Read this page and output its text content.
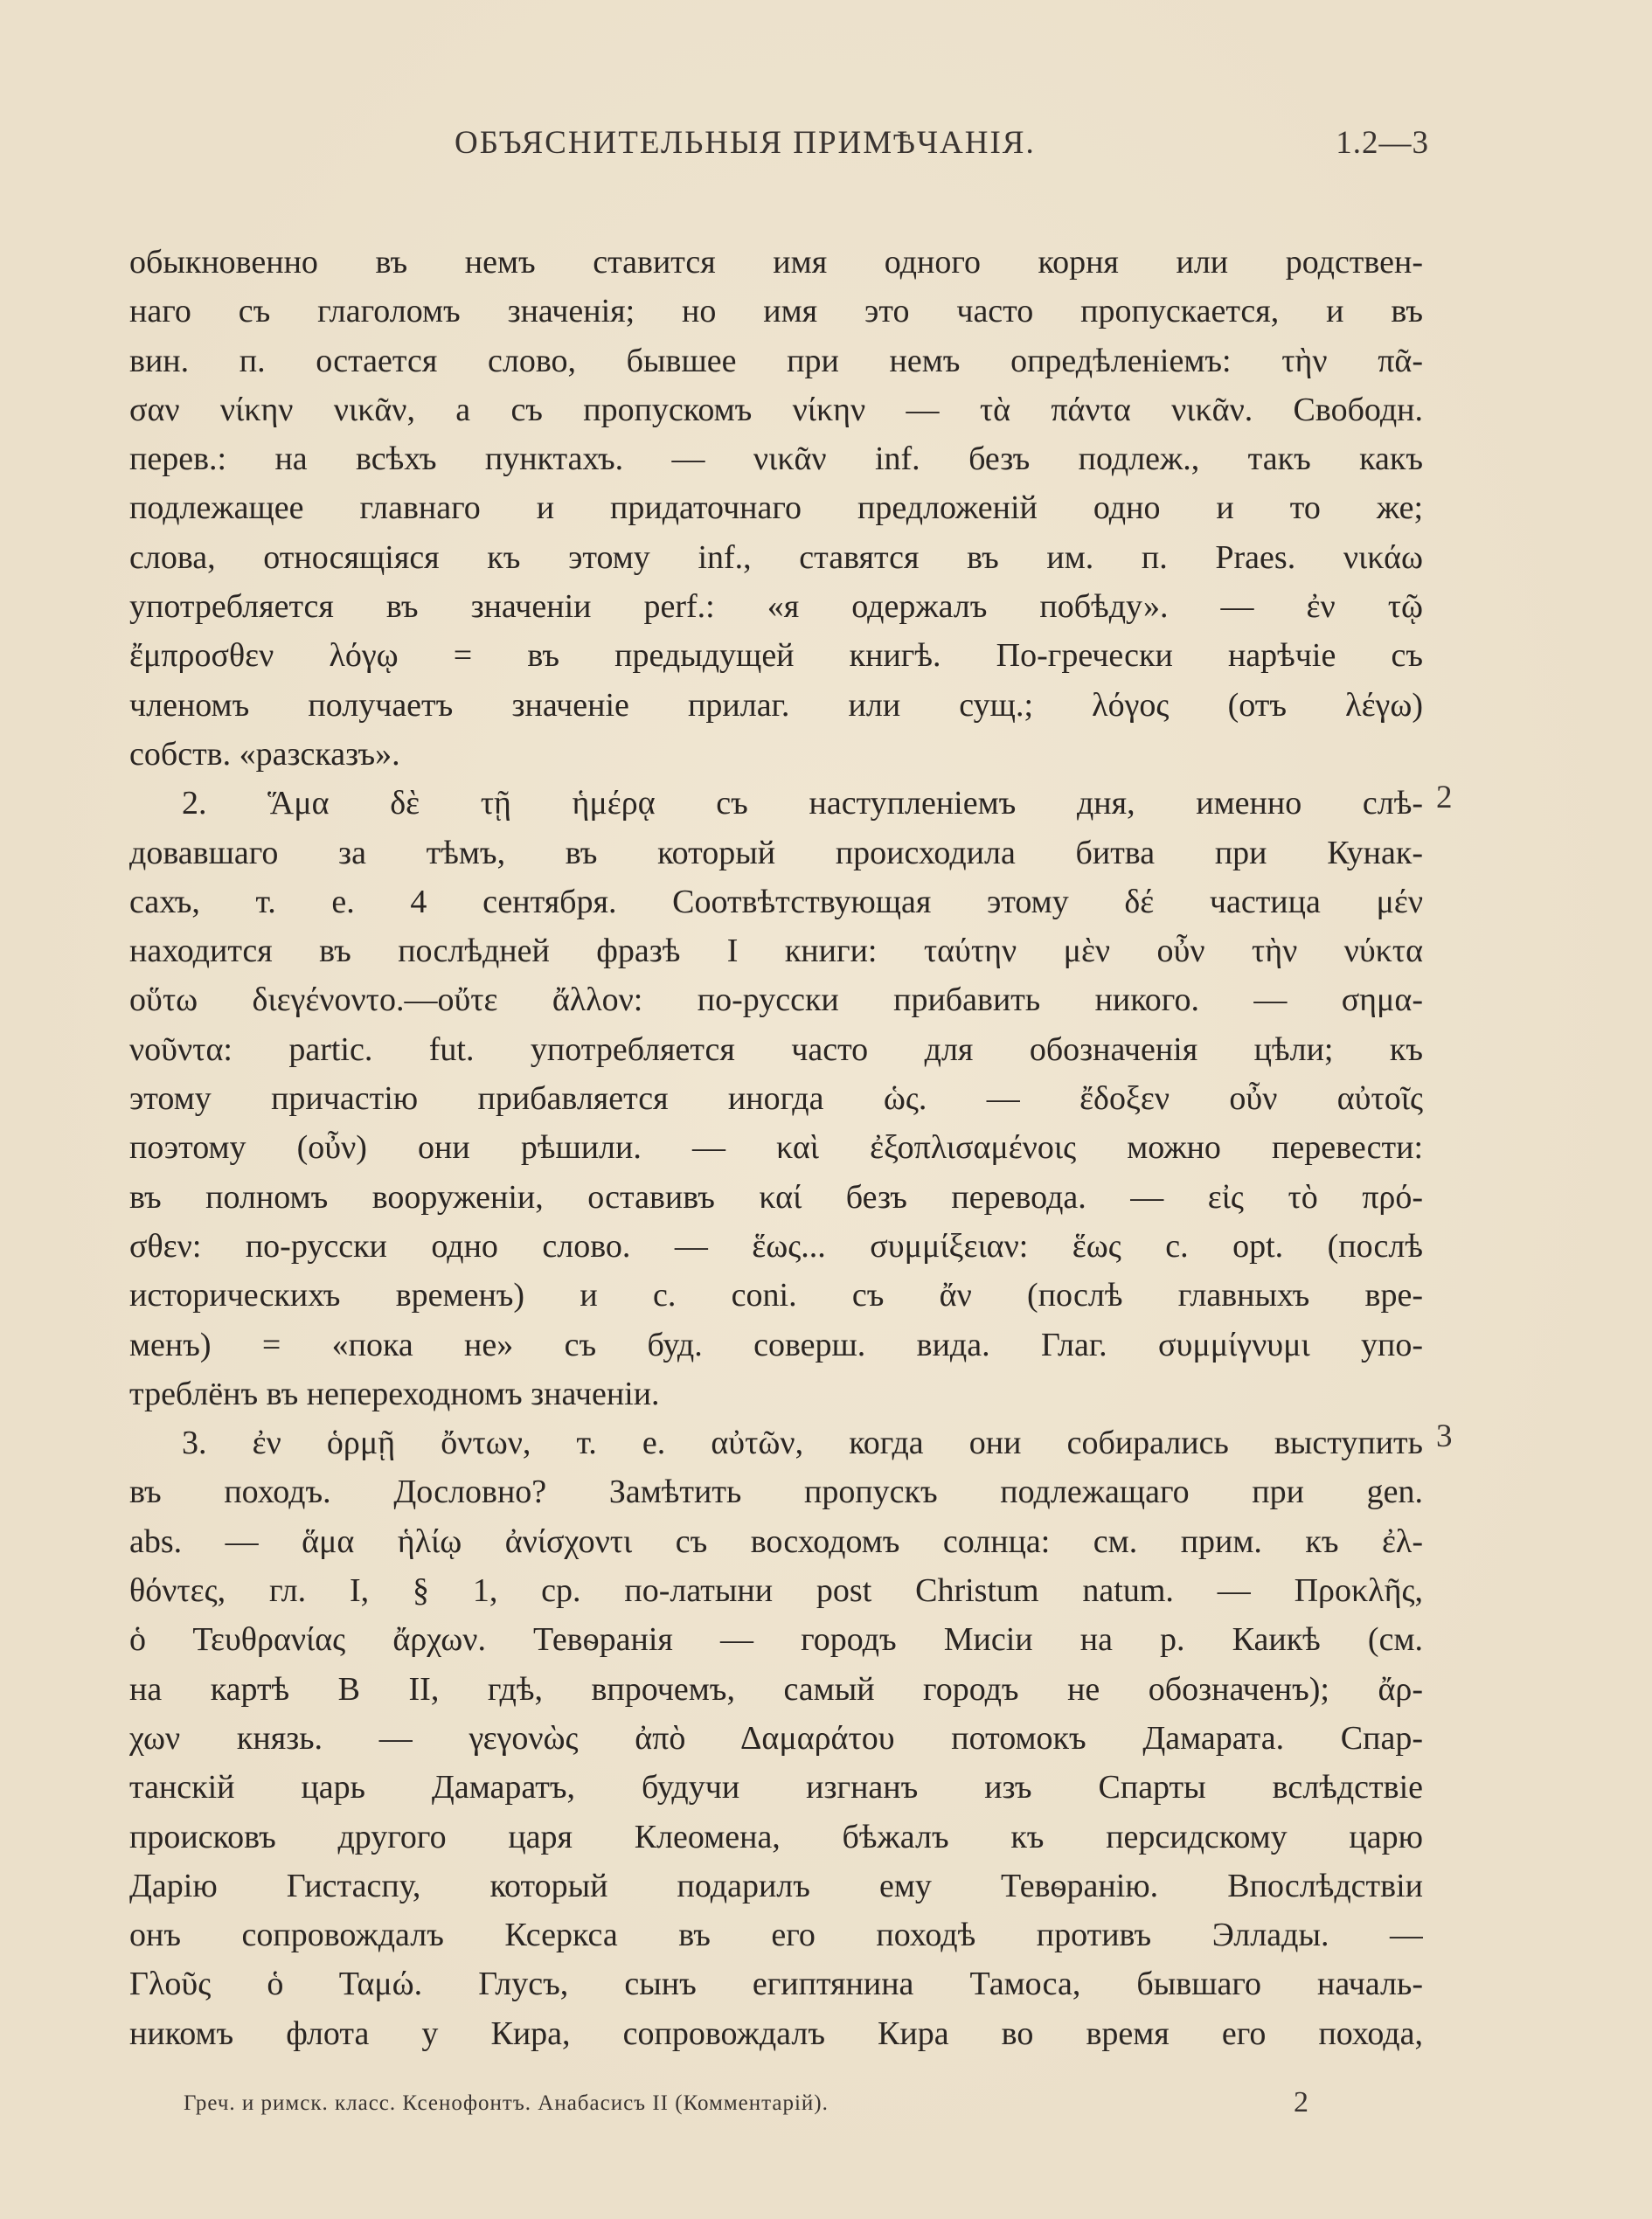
ОБЪЯСНИТЕЛЬНЫЯ ПРИМѢЧАНІЯ.	1.2—3
обыкновенно въ немъ ставится имя одного корня или родствен-
наго съ глаголомъ значенія; но имя это часто пропускается, и въ
вин. п. остается слово, бывшее при немъ опредѣленіемъ: τὴν πᾶ-
σαν νίκην νικᾶν, а съ пропускомъ νίκην — τὰ πάντα νικᾶν. Свободн.
перев.: на всѣхъ пунктахъ. — νικᾶν inf. безъ подлеж., такъ какъ
подлежащее главнаго и придаточнаго предложеній одно и то же;
слова, относящіяся къ этому inf., ставятся въ им. п. Praes. νικάω
употребляется въ значеніи perf.: «я одержалъ побѣду». — ἐν τῷ
ἔμπροσθεν λόγῳ = въ предыдущей книгѣ. По-гречески нарѣчіе съ
членомъ получаетъ значеніе прилаг. или сущ.; λόγος (отъ λέγω)
собств. «разсказъ».
2. Ἅμα δὲ τῇ ἡμέρᾳ съ наступленіемъ дня, именно слѣ-
довавшаго за тѣмъ, въ который происходила битва при Кунак-
сахъ, т. е. 4 сентября. Соотвѣтствующая этому δέ частица μέν
находится въ послѣдней фразѣ I книги: ταύτην μὲν οὖν τὴν νύκτα
οὕτω διεγένοντο.—οὔτε ἄλλον: по-русски прибавить никого. — σημα-
νοῦντα: partic. fut. употребляется часто для обозначенія цѣли; къ
этому причастію прибавляется иногда ὡς. — ἔδοξεν οὖν αὐτοῖς
поэтому (οὖν) они рѣшили. — καὶ ἐξοπλισαμένοις можно перевести:
въ полномъ вооруженіи, оставивъ καί безъ перевода. — εἰς τὸ πρό-
σθεν: по-русски одно слово. — ἕως... συμμίξειαν: ἕως c. opt. (послѣ
историческихъ временъ) и c. coni. съ ἄν (послѣ главныхъ вре-
менъ) = «пока не» съ буд. соверш. вида. Глаг. συμμίγνυμι упо-
треблёнъ въ непереходномъ значеніи.
3. ἐν ὁρμῇ ὄντων, т. е. αὐτῶν, когда они собирались выступить
въ походъ. Дословно? Замѣтить пропускъ подлежащаго при gen.
abs. — ἅμα ἡλίῳ ἀνίσχοντι съ восходомъ солнца: см. прим. къ ἐλ-
θόντες, гл. I, § 1, ср. по-латыни post Christum natum. — Προκλῆς,
ὁ Τευθρανίας ἄρχων. Тевѳранія — городъ Мисіи на р. Каикѣ (см.
на картѣ В II, гдѣ, впрочемъ, самый городъ не обозначенъ); ἄρ-
χων князь. — γεγονὼς ἀπὸ Δαμαράτου потомокъ Дамарата. Спар-
танскій царь Дамаратъ, будучи изгнанъ изъ Спарты вслѣдствіе
происковъ другого царя Клеомена, бѣжалъ къ персидскому царю
Дарію Гистаспу, который подарилъ ему Тевѳранію. Впослѣдствіи
онъ сопровождалъ Ксеркса въ его походѣ противъ Эллады. —
Γλοῦς ὁ Ταμώ. Глусъ, сынъ египтянина Тамоса, бывшаго началь-
никомъ флота у Кира, сопровождалъ Кира во время его похода,
2
3
Греч. и римск. класс. Ксенофонтъ. Анабасисъ II (Комментарій).	2
